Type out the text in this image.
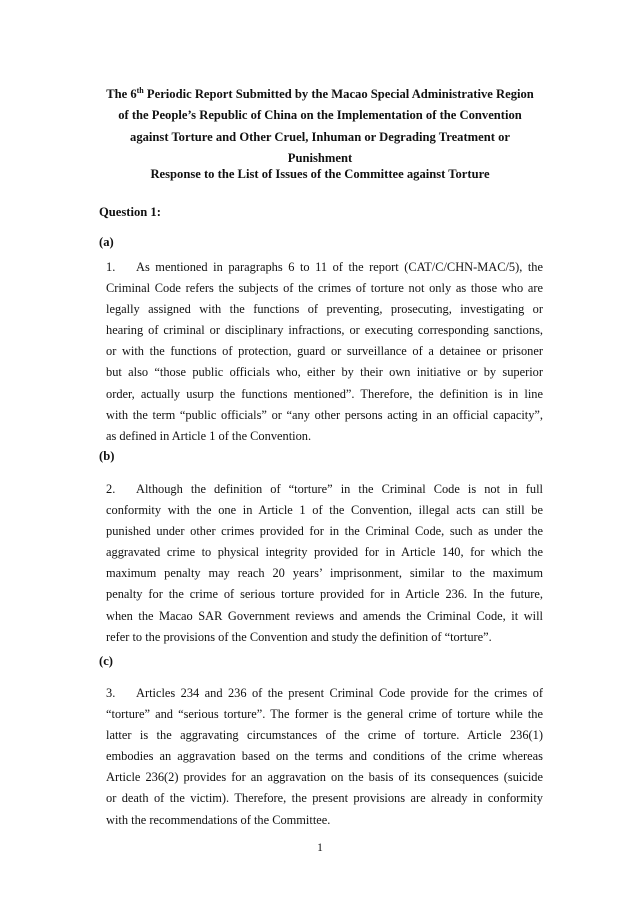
The 6th Periodic Report Submitted by the Macao Special Administrative Region
of the People’s Republic of China on the Implementation of the Convention
against Torture and Other Cruel, Inhuman or Degrading Treatment or
Punishment
Response to the List of Issues of the Committee against Torture
Question 1:
(a)
1. As mentioned in paragraphs 6 to 11 of the report (CAT/C/CHN-MAC/5), the
Criminal Code refers the subjects of the crimes of torture not only as those who are
legally assigned with the functions of preventing, prosecuting, investigating or
hearing of criminal or disciplinary infractions, or executing corresponding sanctions,
or with the functions of protection, guard or surveillance of a detainee or prisoner
but also “those public officials who, either by their own initiative or by superior
order, actually usurp the functions mentioned”. Therefore, the definition is in line
with the term “public officials” or “any other persons acting in an official capacity”,
as defined in Article 1 of the Convention.
(b)
2. Although the definition of “torture” in the Criminal Code is not in full
conformity with the one in Article 1 of the Convention, illegal acts can still be
punished under other crimes provided for in the Criminal Code, such as under the
aggravated crime to physical integrity provided for in Article 140, for which the
maximum penalty may reach 20 years’ imprisonment, similar to the maximum
penalty for the crime of serious torture provided for in Article 236. In the future,
when the Macao SAR Government reviews and amends the Criminal Code, it will
refer to the provisions of the Convention and study the definition of “torture”.
(c)
3. Articles 234 and 236 of the present Criminal Code provide for the crimes of
“torture” and “serious torture”. The former is the general crime of torture while the
latter is the aggravating circumstances of the crime of torture. Article 236(1)
embodies an aggravation based on the terms and conditions of the crime whereas
Article 236(2) provides for an aggravation on the basis of its consequences (suicide
or death of the victim). Therefore, the present provisions are already in conformity
with the recommendations of the Committee.
1
